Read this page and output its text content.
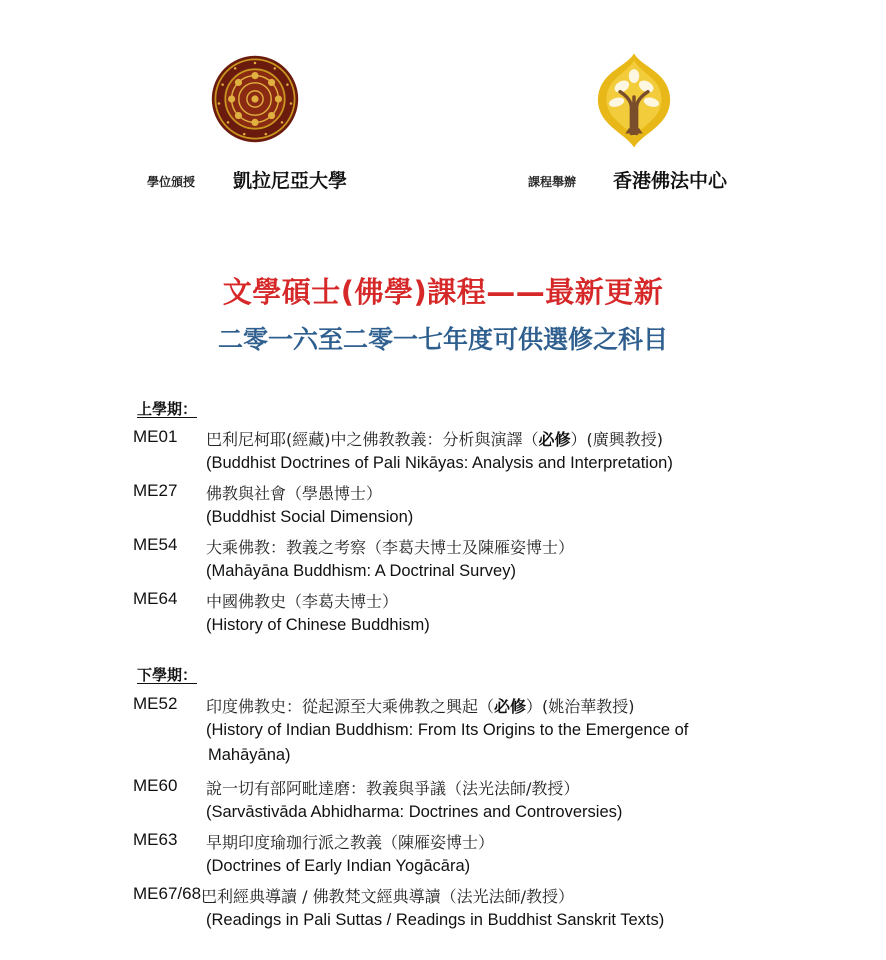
學位頒授 凱拉尼亞大學	課程舉辦 香港佛法中心
文學碩士(佛學)課程——最新更新
二零一六至二零一七年度可供選修之科目
上學期：
ME01 巴利尼柯耶(經藏)中之佛教教義：分析與演譯（必修）(廣興教授)
(Buddhist Doctrines of Pali Nikāyas: Analysis and Interpretation)
ME27 佛教與社會（學愚博士）
(Buddhist Social Dimension)
ME54 大乘佛教：教義之考察（李葛夫博士及陳雁姿博士）
(Mahāyāna Buddhism: A Doctrinal Survey)
ME64 中國佛教史（李葛夫博士）
(History of Chinese Buddhism)
下學期：
ME52 印度佛教史：從起源至大乘佛教之興起（必修）(姚治華教授)
(History of Indian Buddhism: From Its Origins to the Emergence of
Mahāyāna)
ME60 說一切有部阿毗達磨：教義與爭議（法光法師/教授）
(Sarvāstivāda Abhidharma: Doctrines and Controversies)
ME63 早期印度瑜珈行派之教義（陳雁姿博士）
(Doctrines of Early Indian Yogācāra)
ME67/68 巴利經典導讀 / 佛教梵文經典導讀（法光法師/教授）
(Readings in Pali Suttas / Readings in Buddhist Sanskrit Texts)
